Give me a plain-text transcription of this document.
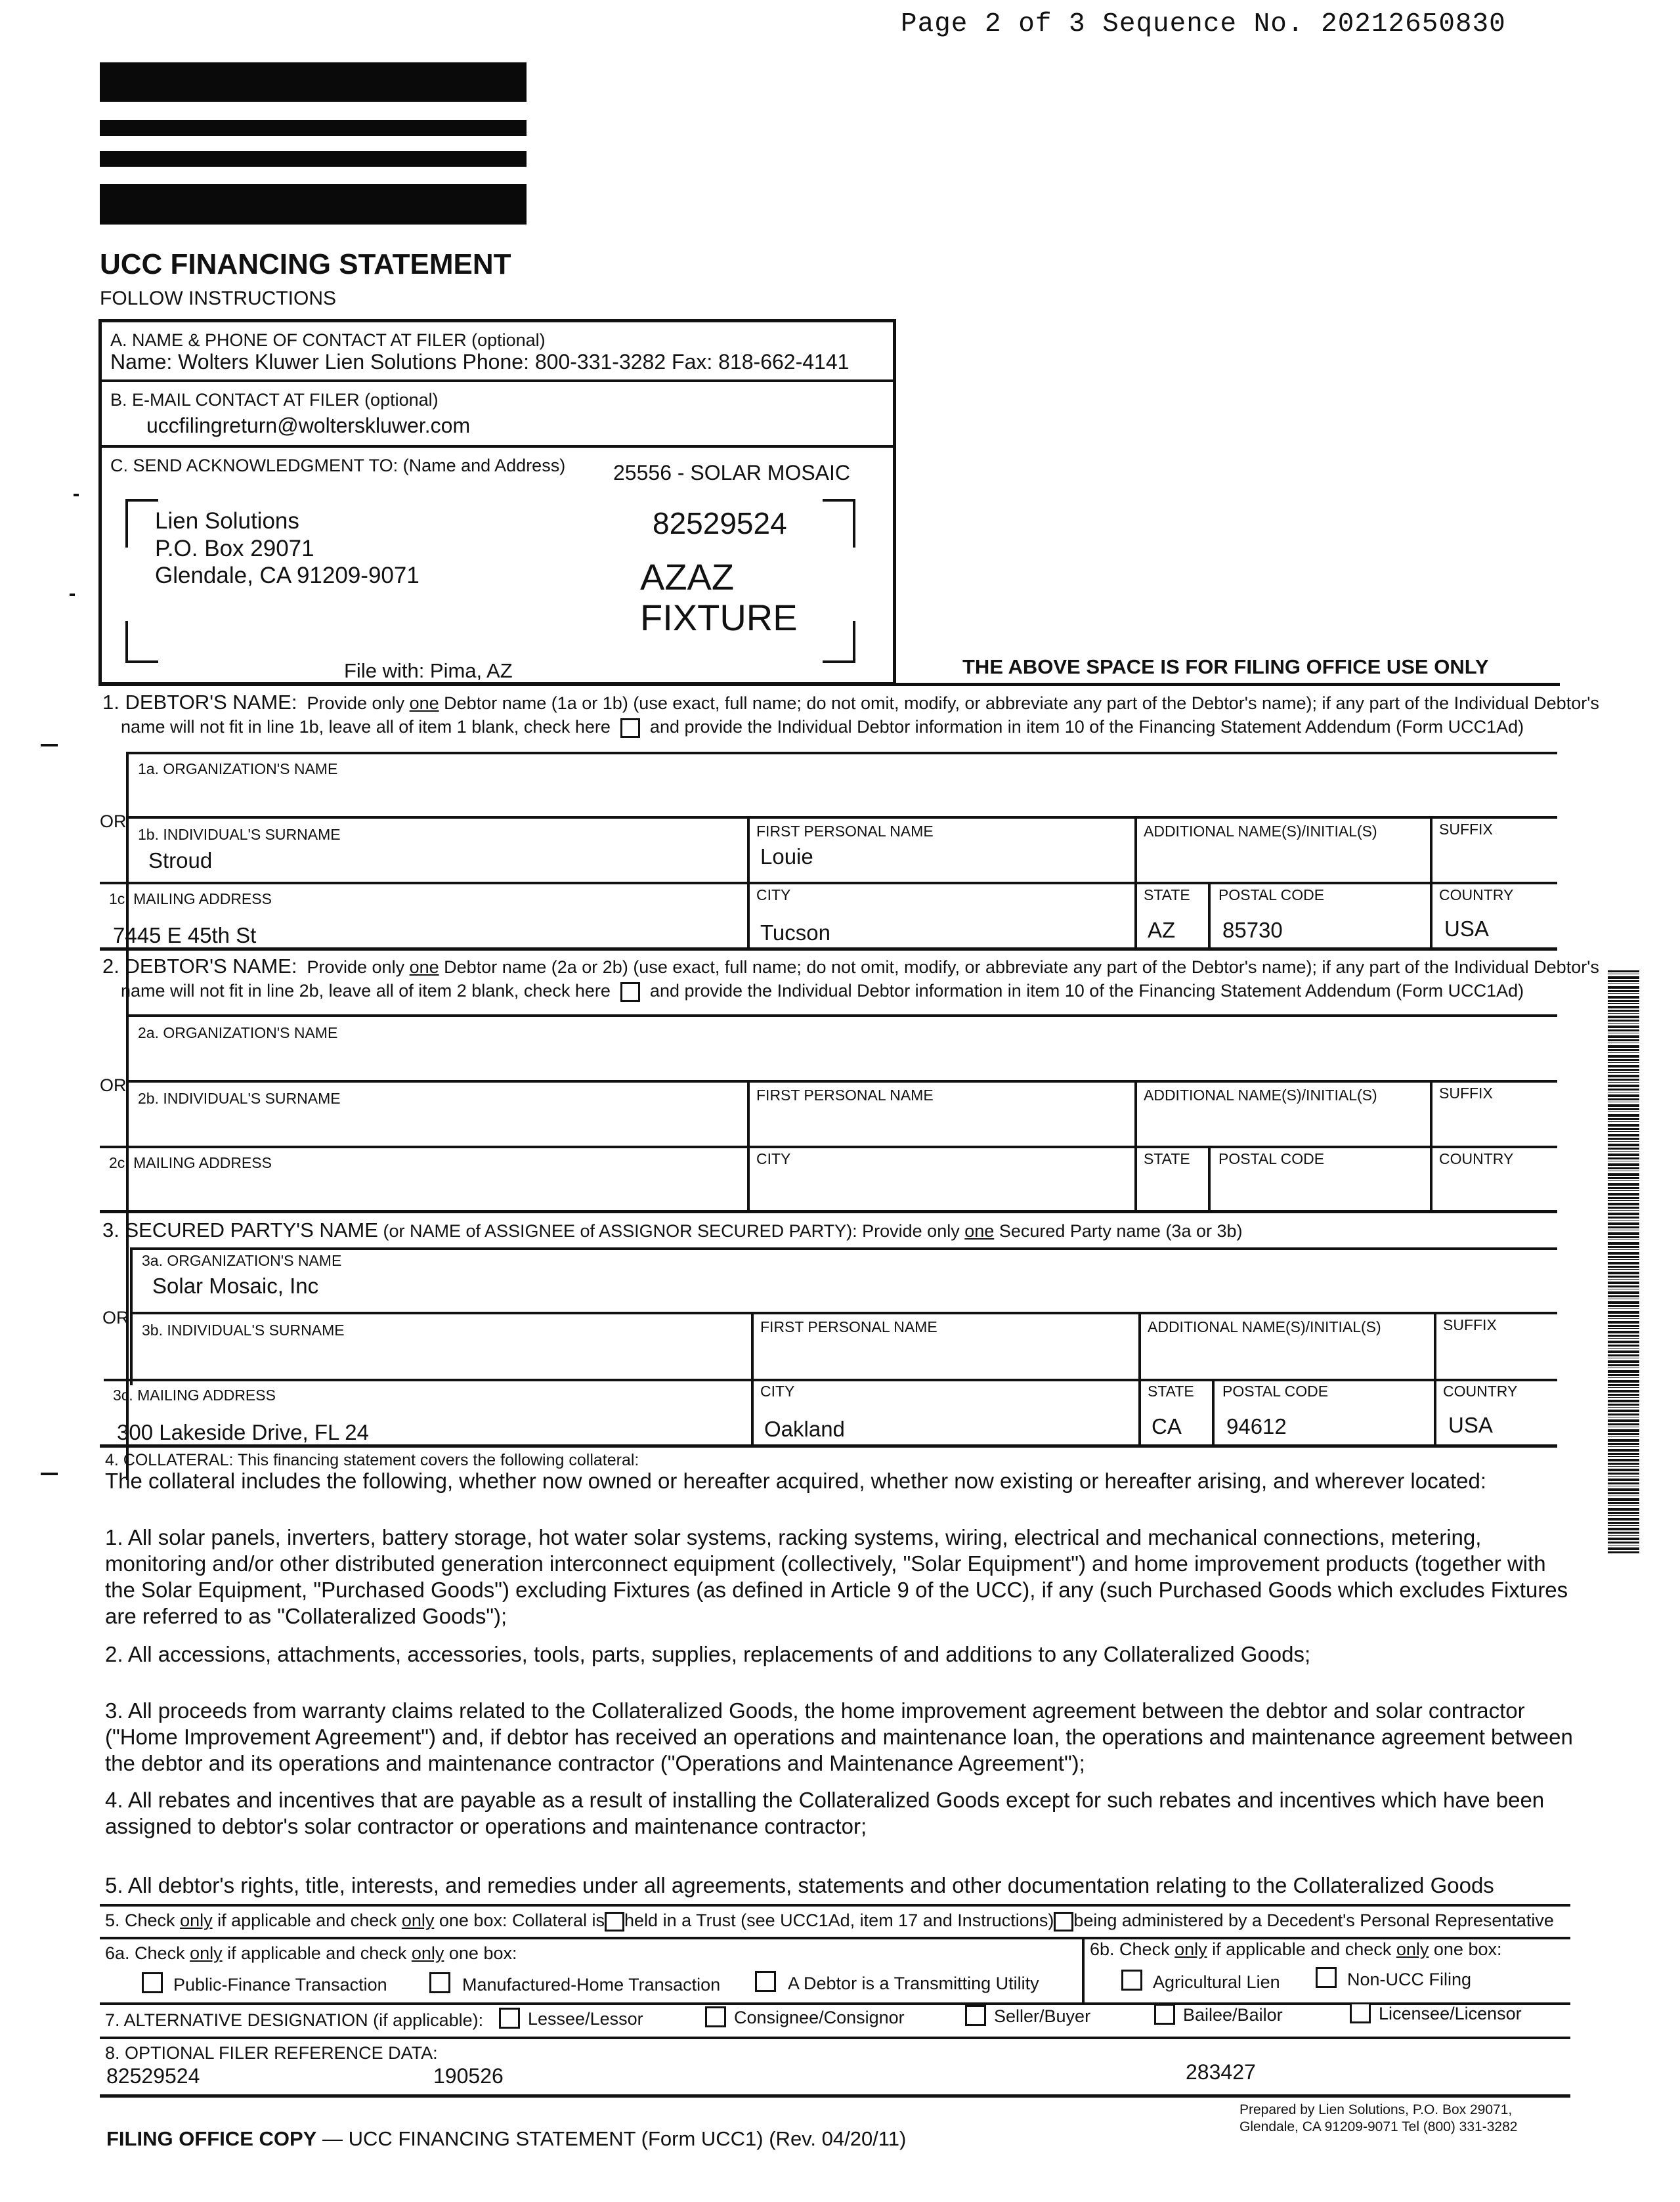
Page 2 of 3 Sequence No. 20212650830
UCC FINANCING STATEMENT
FOLLOW INSTRUCTIONS
A. NAME & PHONE OF CONTACT AT FILER (optional)
Name: Wolters Kluwer Lien Solutions Phone: 800-331-3282 Fax: 818-662-4141
B. E-MAIL CONTACT AT FILER (optional)
uccfilingreturn@wolterskluwer.com
C. SEND ACKNOWLEDGMENT TO: (Name and Address) 25556 - SOLAR MOSAIC
Lien Solutions
P.O. Box 29071
Glendale, CA 91209-9071
82529524
AZAZ
FIXTURE
File with: Pima, AZ	THE ABOVE SPACE IS FOR FILING OFFICE USE ONLY
1. DEBTOR'S NAME: Provide only one Debtor name (1a or 1b) (use exact, full name; do not omit, modify, or abbreviate any part of the Debtor's name); if any part of the Individual Debtor's
name will not fit in line 1b, leave all of item 1 blank, check here and provide the Individual Debtor information in item 10 of the Financing Statement Addendum (Form UCC1Ad)
1a. ORGANIZATION'S NAME
OR
1b. INDIVIDUAL'S SURNAME
Stroud
FIRST PERSONAL NAME
Louie
ADDITIONAL NAME(S)/INITIAL(S)	SUFFIX
1c. MAILING ADDRESS
7445 E 45th St
CITY
Tucson
STATE
AZ
POSTAL CODE
85730
COUNTRY
USA
2. DEBTOR'S NAME: Provide only one Debtor name (2a or 2b) (use exact, full name; do not omit, modify, or abbreviate any part of the Debtor's name); if any part of the Individual Debtor's
name will not fit in line 2b, leave all of item 2 blank, check here and provide the Individual Debtor information in item 10 of the Financing Statement Addendum (Form UCC1Ad)
2a. ORGANIZATION'S NAME
OR
2b. INDIVIDUAL'S SURNAME	FIRST PERSONAL NAME	ADDITIONAL NAME(S)/INITIAL(S)	SUFFIX
2c. MAILING ADDRESS	CITY	STATE POSTAL CODE	COUNTRY
3. SECURED PARTY'S NAME (or NAME of ASSIGNEE of ASSIGNOR SECURED PARTY): Provide only one Secured Party name (3a or 3b)
3a. ORGANIZATION'S NAME
Solar Mosaic, Inc
OR
3b. INDIVIDUAL'S SURNAME	FIRST PERSONAL NAME	ADDITIONAL NAME(S)/INITIAL(S)	SUFFIX
3c. MAILING ADDRESS
300 Lakeside Drive, FL 24
CITY
Oakland
STATE
CA
POSTAL CODE
94612
COUNTRY
USA
4. COLLATERAL: This financing statement covers the following collateral:
The collateral includes the following, whether now owned or hereafter acquired, whether now existing or hereafter arising, and wherever located:
1. All solar panels, inverters, battery storage, hot water solar systems, racking systems, wiring, electrical and mechanical connections, metering, monitoring and/or other distributed generation interconnect equipment (collectively, "Solar Equipment") and home improvement products (together with the Solar Equipment, "Purchased Goods") excluding Fixtures (as defined in Article 9 of the UCC), if any (such Purchased Goods which excludes Fixtures are referred to as "Collateralized Goods");
2. All accessions, attachments, accessories, tools, parts, supplies, replacements of and additions to any Collateralized Goods;
3. All proceeds from warranty claims related to the Collateralized Goods, the home improvement agreement between the debtor and solar contractor ("Home Improvement Agreement") and, if debtor has received an operations and maintenance loan, the operations and maintenance agreement between the debtor and its operations and maintenance contractor ("Operations and Maintenance Agreement");
4. All rebates and incentives that are payable as a result of installing the Collateralized Goods except for such rebates and incentives which have been assigned to debtor's solar contractor or operations and maintenance contractor;
5. All debtor's rights, title, interests, and remedies under all agreements, statements and other documentation relating to the Collateralized Goods
5. Check only if applicable and check only one box: Collateral is held in a Trust (see UCC1Ad, item 17 and Instructions) being administered by a Decedent's Personal Representative
6a. Check only if applicable and check only one box:	6b. Check only if applicable and check only one box:
Public-Finance Transaction	Manufactured-Home Transaction	A Debtor is a Transmitting Utility	Agricultural Lien	Non-UCC Filing
7. ALTERNATIVE DESIGNATION (if applicable):	Lessee/Lessor	Consignee/Consignor	Seller/Buyer	Bailee/Bailor	Licensee/Licensor
8. OPTIONAL FILER REFERENCE DATA:
82529524	190526	283427
FILING OFFICE COPY — UCC FINANCING STATEMENT (Form UCC1) (Rev. 04/20/11)
Prepared by Lien Solutions, P.O. Box 29071,
Glendale, CA 91209-9071 Tel (800) 331-3282
